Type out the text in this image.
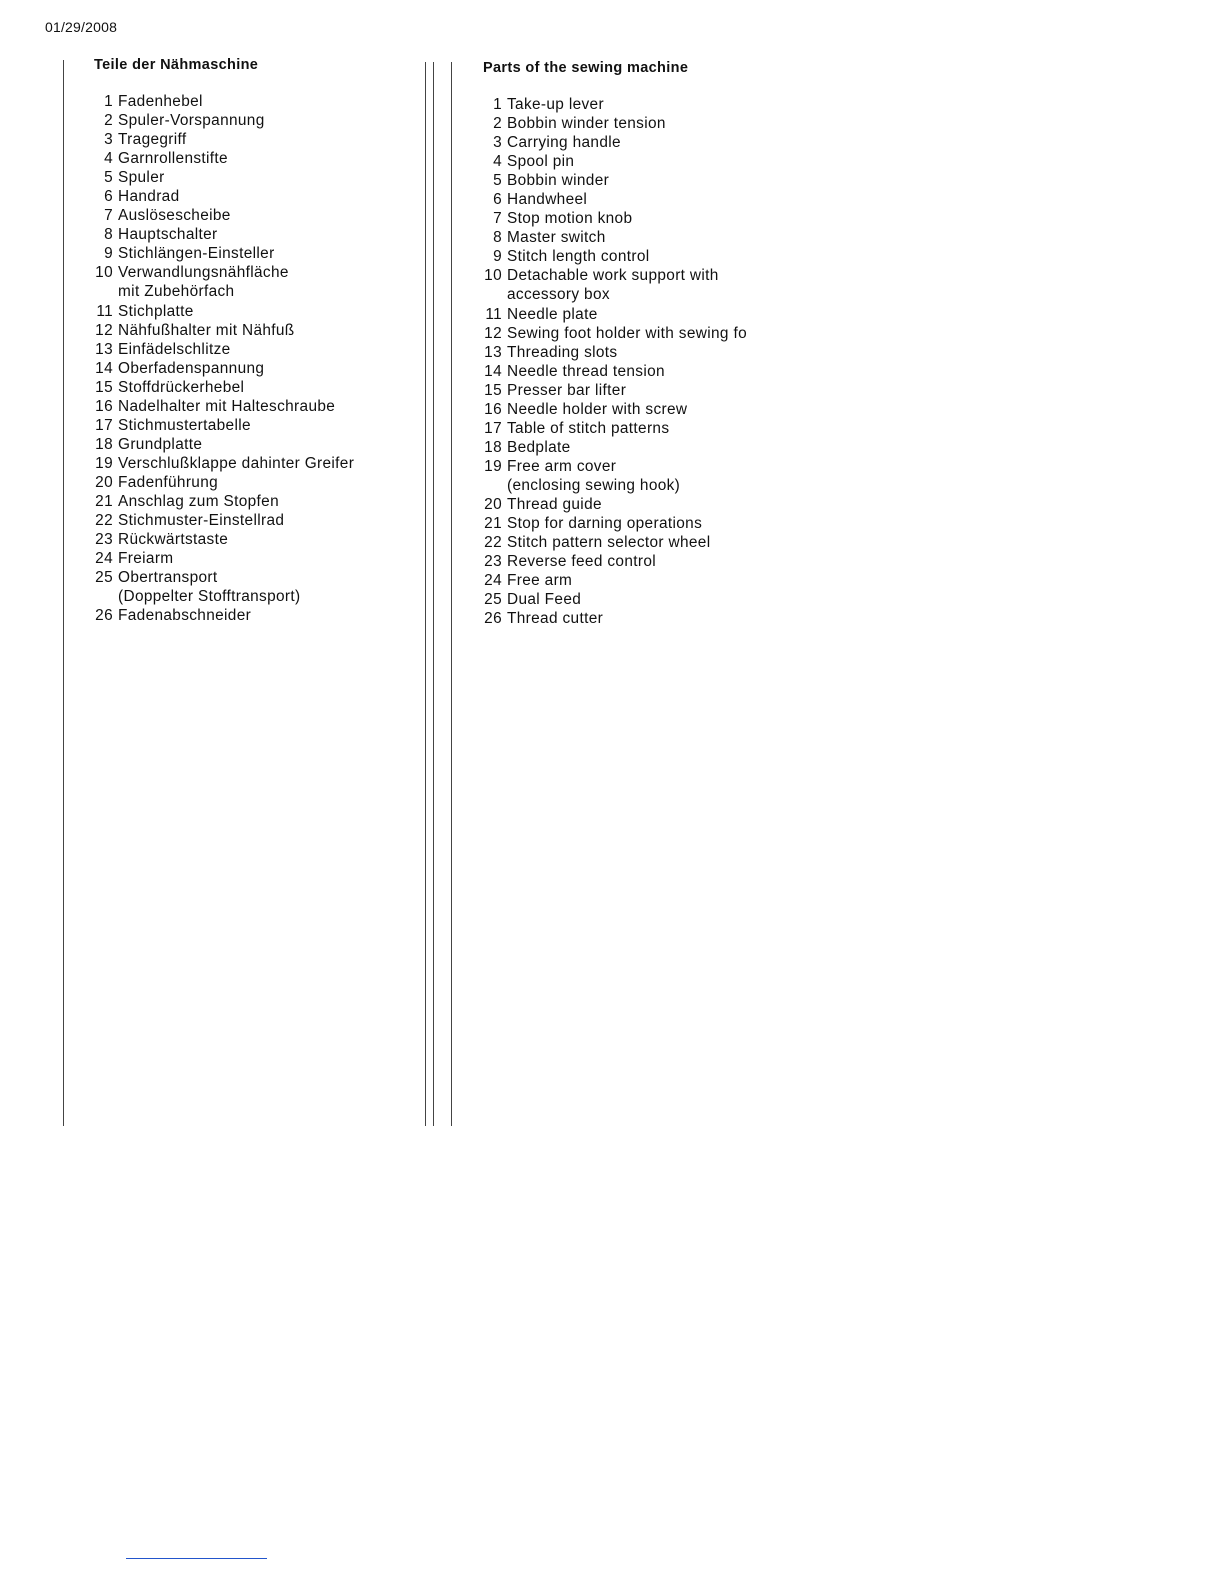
01/29/2008
Teile der Nähmaschine
1 Fadenhebel
2 Spuler-Vorspannung
3 Tragegriff
4 Garnrollenstifte
5 Spuler
6 Handrad
7 Auslösescheibe
8 Hauptschalter
9 Stichlängen-Einsteller
10 Verwandlungsnähfläche
mit Zubehörfach
11 Stichplatte
12 Nähfußhalter mit Nähfuß
13 Einfädelschlitze
14 Oberfadenspannung
15 Stoffdrückerhebel
16 Nadelhalter mit Halteschraube
17 Stichmustertabelle
18 Grundplatte
19 Verschlußklappe dahinter Greifer
20 Fadenführung
21 Anschlag zum Stopfen
22 Stichmuster-Einstellrad
23 Rückwärtstaste
24 Freiarm
25 Obertransport
(Doppelter Stofftransport)
26 Fadenabschneider
Parts of the sewing machine
1 Take-up lever
2 Bobbin winder tension
3 Carrying handle
4 Spool pin
5 Bobbin winder
6 Handwheel
7 Stop motion knob
8 Master switch
9 Stitch length control
10 Detachable work support with
accessory box
11 Needle plate
12 Sewing foot holder with sewing fo
13 Threading slots
14 Needle thread tension
15 Presser bar lifter
16 Needle holder with screw
17 Table of stitch patterns
18 Bedplate
19 Free arm cover
(enclosing sewing hook)
20 Thread guide
21 Stop for darning operations
22 Stitch pattern selector wheel
23 Reverse feed control
24 Free arm
25 Dual Feed
26 Thread cutter
